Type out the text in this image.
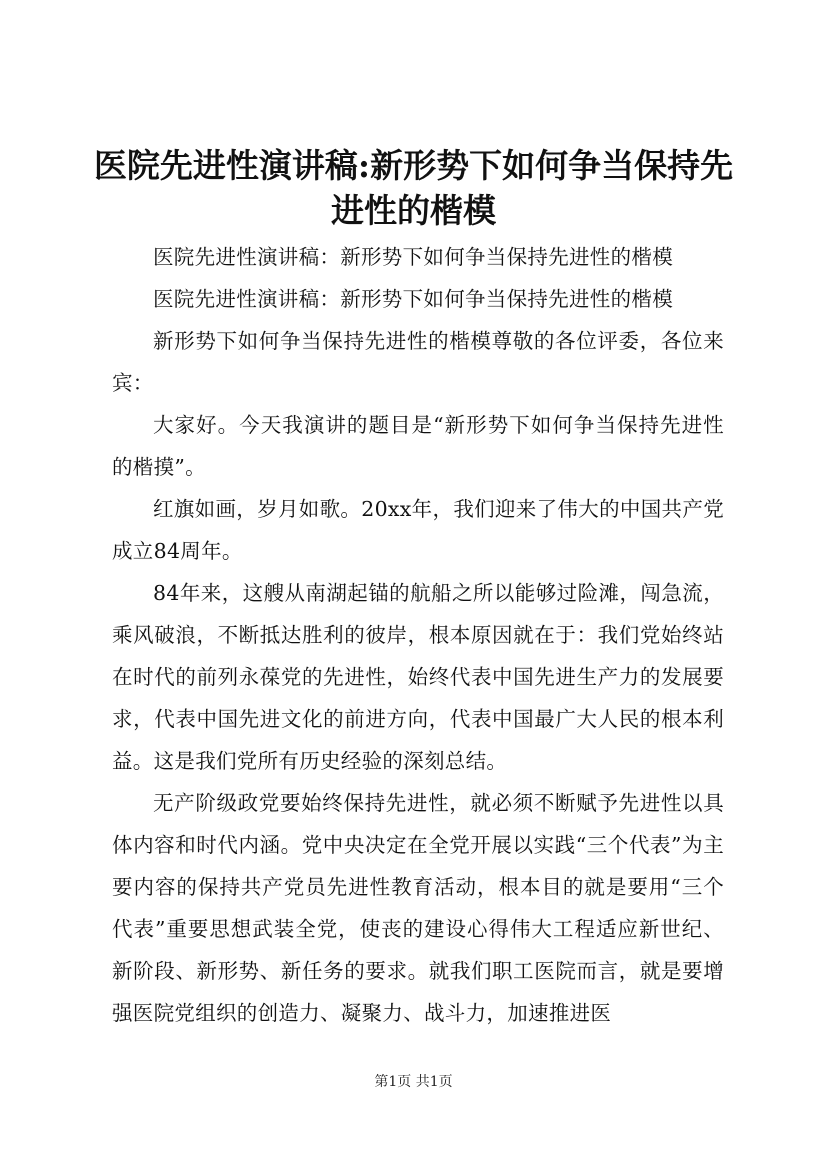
医院先进性演讲稿:新形势下如何争当保持先
进性的楷模

医院先进性演讲稿：新形势下如何争当保持先进性的楷模

医院先进性演讲稿：新形势下如何争当保持先进性的楷模

新形势下如何争当保持先进性的楷模尊敬的各位评委，各位来宾：

大家好。今天我演讲的题目是“新形势下如何争当保持先进性的楷摸”。

红旗如画，岁月如歌。20xx年，我们迎来了伟大的中国共产党成立84周年。

84年来，这艘从南湖起锚的航船之所以能够过险滩，闯急流，乘风破浪，不断抵达胜利的彼岸，根本原因就在于：我们党始终站在时代的前列永葆党的先进性，始终代表中国先进生产力的发展要求，代表中国先进文化的前进方向，代表中国最广大人民的根本利益。这是我们党所有历史经验的深刻总结。

无产阶级政党要始终保持先进性，就必须不断赋予先进性以具体内容和时代内涵。党中央决定在全党开展以实践“三个代表”为主要内容的保持共产党员先进性教育活动，根本目的就是要用“三个代表”重要思想武装全党，使丧的建设心得伟大工程适应新世纪、新阶段、新形势、新任务的要求。就我们职工医院而言，就是要增强医院党组织的创造力、凝聚力、战斗力，加速推进医

第1页 共1页
